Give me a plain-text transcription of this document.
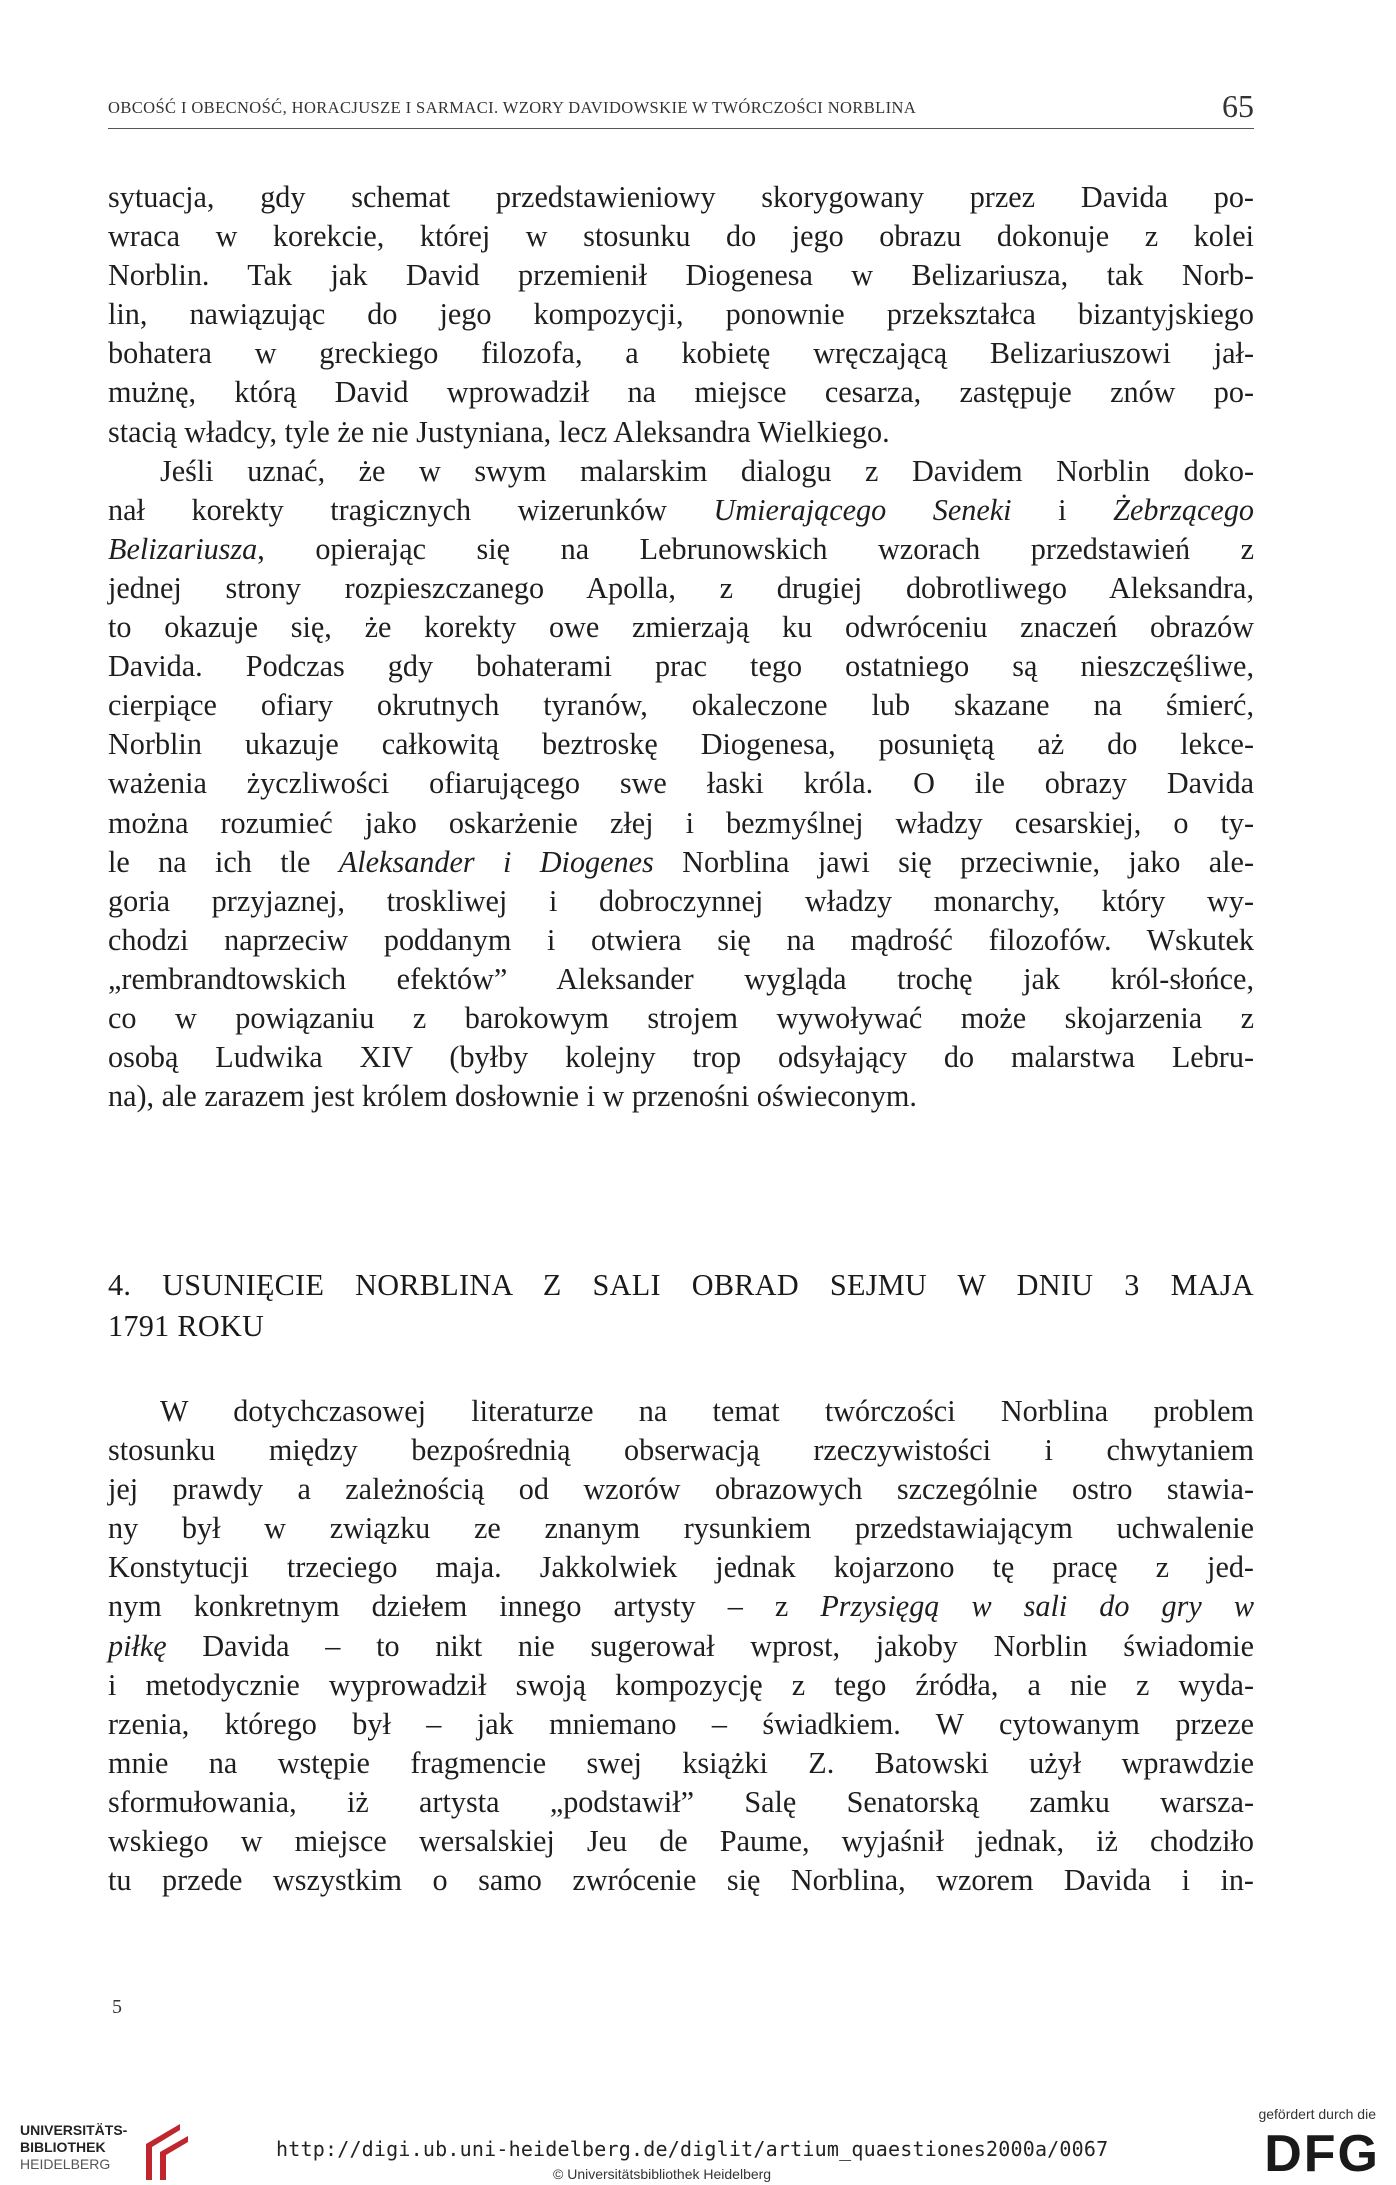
OBCOŚĆ I OBECNOŚĆ, HORACJUSZE I SARMACI. WZORY DAVIDOWSKIE W TWÓRCZOŚCI NORBLINA	65
sytuacja, gdy schemat przedstawieniowy skorygowany przez Davida po-
wraca w korekcie, której w stosunku do jego obrazu dokonuje z kolei
Norblin. Tak jak David przemienił Diogenesa w Belizariusza, tak Norb-
lin, nawiązując do jego kompozycji, ponownie przekształca bizantyjskiego
bohatera w greckiego filozofa, a kobietę wręczającą Belizariuszowi jał-
mużnę, którą David wprowadził na miejsce cesarza, zastępuje znów po-
stacią władcy, tyle że nie Justyniana, lecz Aleksandra Wielkiego.
Jeśli uznać, że w swym malarskim dialogu z Davidem Norblin doko-
nał korekty tragicznych wizerunków Umierającego Seneki i Żebrzącego
Belizariusza, opierając się na Lebrunowskich wzorach przedstawień z
jednej strony rozpieszczanego Apolla, z drugiej dobrotliwego Aleksandra,
to okazuje się, że korekty owe zmierzają ku odwróceniu znaczeń obrazów
Davida. Podczas gdy bohaterami prac tego ostatniego są nieszczęśliwe,
cierpiące ofiary okrutnych tyranów, okaleczone lub skazane na śmierć,
Norblin ukazuje całkowitą beztroskę Diogenesa, posuniętą aż do lekce-
ważenia życzliwości ofiarującego swe łaski króla. O ile obrazy Davida
można rozumieć jako oskarżenie złej i bezmyślnej władzy cesarskiej, o ty-
le na ich tle Aleksander i Diogenes Norblina jawi się przeciwnie, jako ale-
goria przyjaznej, troskliwej i dobroczynnej władzy monarchy, który wy-
chodzi naprzeciw poddanym i otwiera się na mądrość filozofów. Wskutek
„rembrandtowskich efektów” Aleksander wygląda trochę jak król-słońce,
co w powiązaniu z barokowym strojem wywoływać może skojarzenia z
osobą Ludwika XIV (byłby kolejny trop odsyłający do malarstwa Lebru-
na), ale zarazem jest królem dosłownie i w przenośni oświeconym.
4. USUNIĘCIE NORBLINA Z SALI OBRAD SEJMU W DNIU 3 MAJA
1791 ROKU
W dotychczasowej literaturze na temat twórczości Norblina problem
stosunku między bezpośrednią obserwacją rzeczywistości i chwytaniem
jej prawdy a zależnością od wzorów obrazowych szczególnie ostro stawia-
ny był w związku ze znanym rysunkiem przedstawiającym uchwalenie
Konstytucji trzeciego maja. Jakkolwiek jednak kojarzono tę pracę z jed-
nym konkretnym dziełem innego artysty – z Przysięgą w sali do gry w
piłkę Davida – to nikt nie sugerował wprost, jakoby Norblin świadomie
i metodycznie wyprowadził swoją kompozycję z tego źródła, a nie z wyda-
rzenia, którego był – jak mniemano – świadkiem. W cytowanym przeze
mnie na wstępie fragmencie swej książki Z. Batowski użył wprawdzie
sformułowania, iż artysta „podstawił” Salę Senatorską zamku warsza-
wskiego w miejsce wersalskiej Jeu de Paume, wyjaśnił jednak, iż chodziło
tu przede wszystkim o samo zwrócenie się Norblina, wzorem Davida i in-
5
UNIVERSITÄTS-
BIBLIOTHEK
HEIDELBERG
http://digi.ub.uni-heidelberg.de/diglit/artium_quaestiones2000a/0067
© Universitätsbibliothek Heidelberg
gefördert durch die
DFG
